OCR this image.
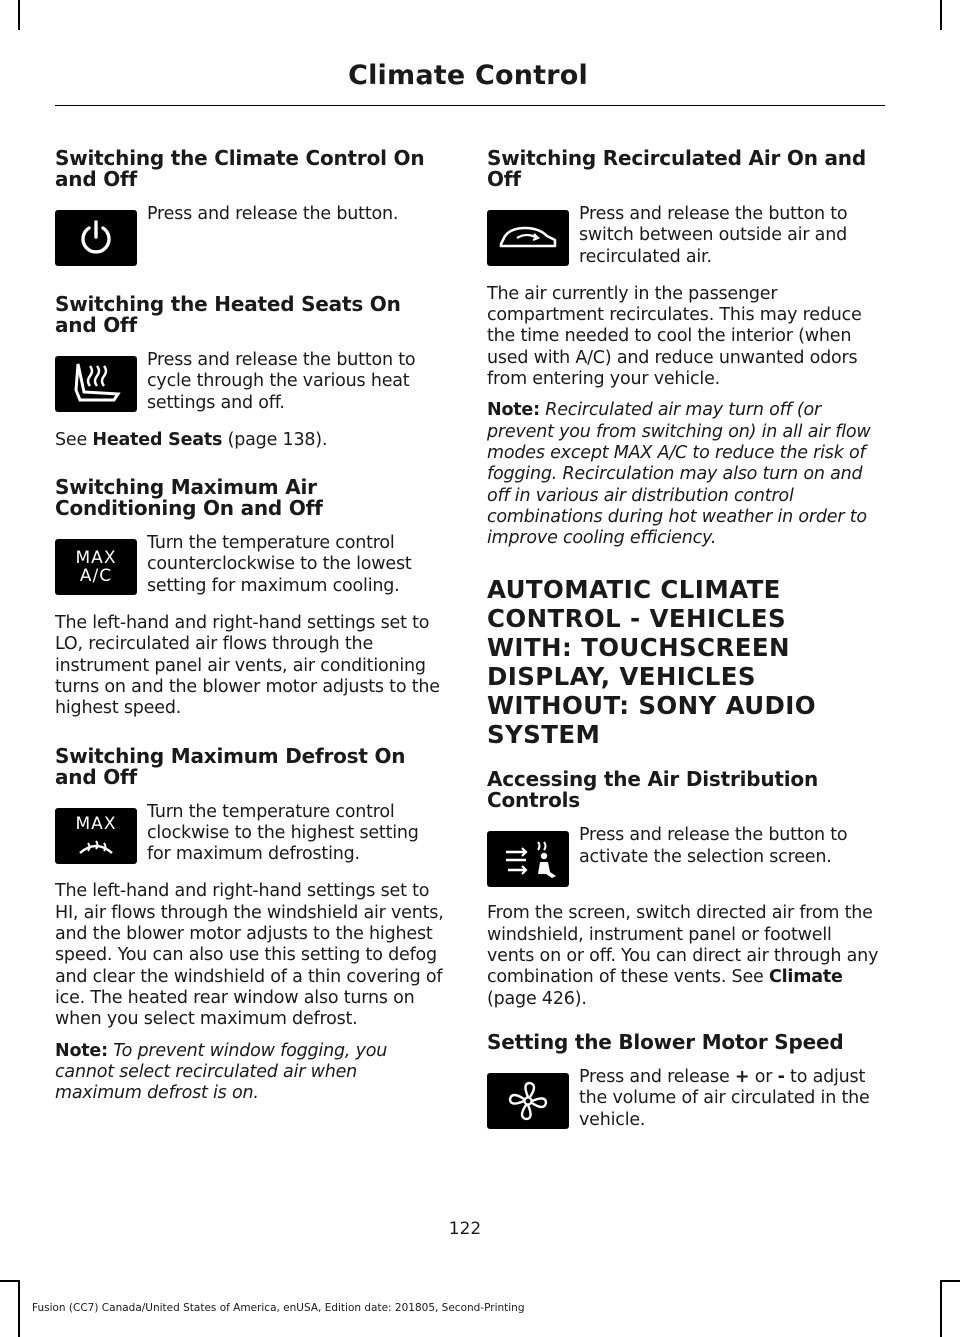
Climate Control
Switching the Climate Control On and Off
Press and release the button.
Switching the Heated Seats On and Off
Press and release the button to cycle through the various heat settings and off.

See Heated Seats (page 138).

Switching Maximum Air Conditioning On and Off
MAX
A/C
Turn the temperature control counterclockwise to the lowest setting for maximum cooling.

The left-hand and right-hand settings set to LO, recirculated air flows through the instrument panel air vents, air conditioning turns on and the blower motor adjusts to the highest speed.

Switching Maximum Defrost On and Off
MAX
Turn the temperature control clockwise to the highest setting for maximum defrosting.

The left-hand and right-hand settings set to HI, air flows through the windshield air vents, and the blower motor adjusts to the highest speed. You can also use this setting to defog and clear the windshield of a thin covering of ice. The heated rear window also turns on when you select maximum defrost.

Note: To prevent window fogging, you cannot select recirculated air when maximum defrost is on.

Switching Recirculated Air On and Off
Press and release the button to switch between outside air and recirculated air.

The air currently in the passenger compartment recirculates. This may reduce the time needed to cool the interior (when used with A/C) and reduce unwanted odors from entering your vehicle.

Note: Recirculated air may turn off (or prevent you from switching on) in all air flow modes except MAX A/C to reduce the risk of fogging. Recirculation may also turn on and off in various air distribution control combinations during hot weather in order to improve cooling efficiency.

AUTOMATIC CLIMATE CONTROL - VEHICLES WITH: TOUCHSCREEN DISPLAY, VEHICLES WITHOUT: SONY AUDIO SYSTEM
Accessing the Air Distribution Controls
Press and release the button to activate the selection screen.

From the screen, switch directed air from the windshield, instrument panel or footwell vents on or off. You can direct air through any combination of these vents. See Climate (page 426).

Setting the Blower Motor Speed
Press and release + or - to adjust the volume of air circulated in the vehicle.
122
Fusion (CC7) Canada/United States of America, enUSA, Edition date: 201805, Second-Printing
